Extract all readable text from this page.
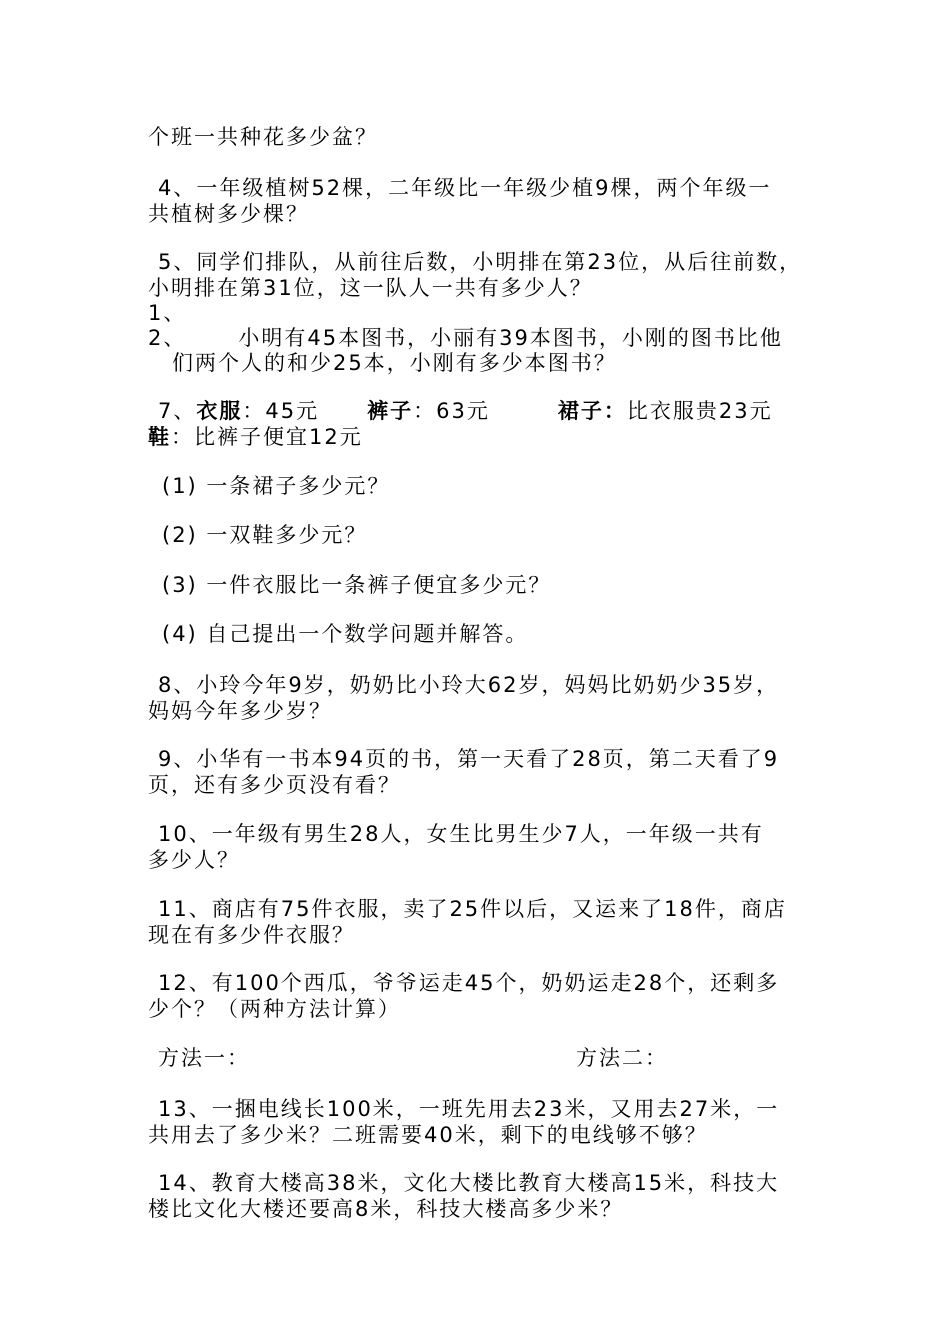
个班一共种花多少盆？
4、一年级植树52棵，二年级比一年级少植9棵，两个年级一
共植树多少棵？
5、同学们排队，从前往后数，小明排在第23位，从后往前数，
小明排在第31位，这一队人一共有多少人？
1、
2、      小明有45本图书，小丽有39本图书，小刚的图书比他
们两个人的和少25本，小刚有多少本图书？
7、衣服：45元 裤子：63元	裙子：比衣服贵23元
鞋：比裤子便宜12元
(1) 一条裙子多少元？
(2) 一双鞋多少元？
(3) 一件衣服比一条裤子便宜多少元？
(4) 自己提出一个数学问题并解答。
8、小玲今年9岁，奶奶比小玲大62岁，妈妈比奶奶少35岁，
妈妈今年多少岁？
9、小华有一书本94页的书，第一天看了28页，第二天看了9
页，还有多少页没有看？
10、一年级有男生28人，女生比男生少7人，一年级一共有
多少人？
11、商店有75件衣服，卖了25件以后，又运来了18件，商店
现在有多少件衣服？
12、有100个西瓜，爷爷运走45个，奶奶运走28个，还剩多
少个？（两种方法计算）
方法一：	方法二：
13、一捆电线长100米，一班先用去23米，又用去27米，一
共用去了多少米？二班需要40米，剩下的电线够不够？
14、教育大楼高38米，文化大楼比教育大楼高15米，科技大
楼比文化大楼还要高8米，科技大楼高多少米？
